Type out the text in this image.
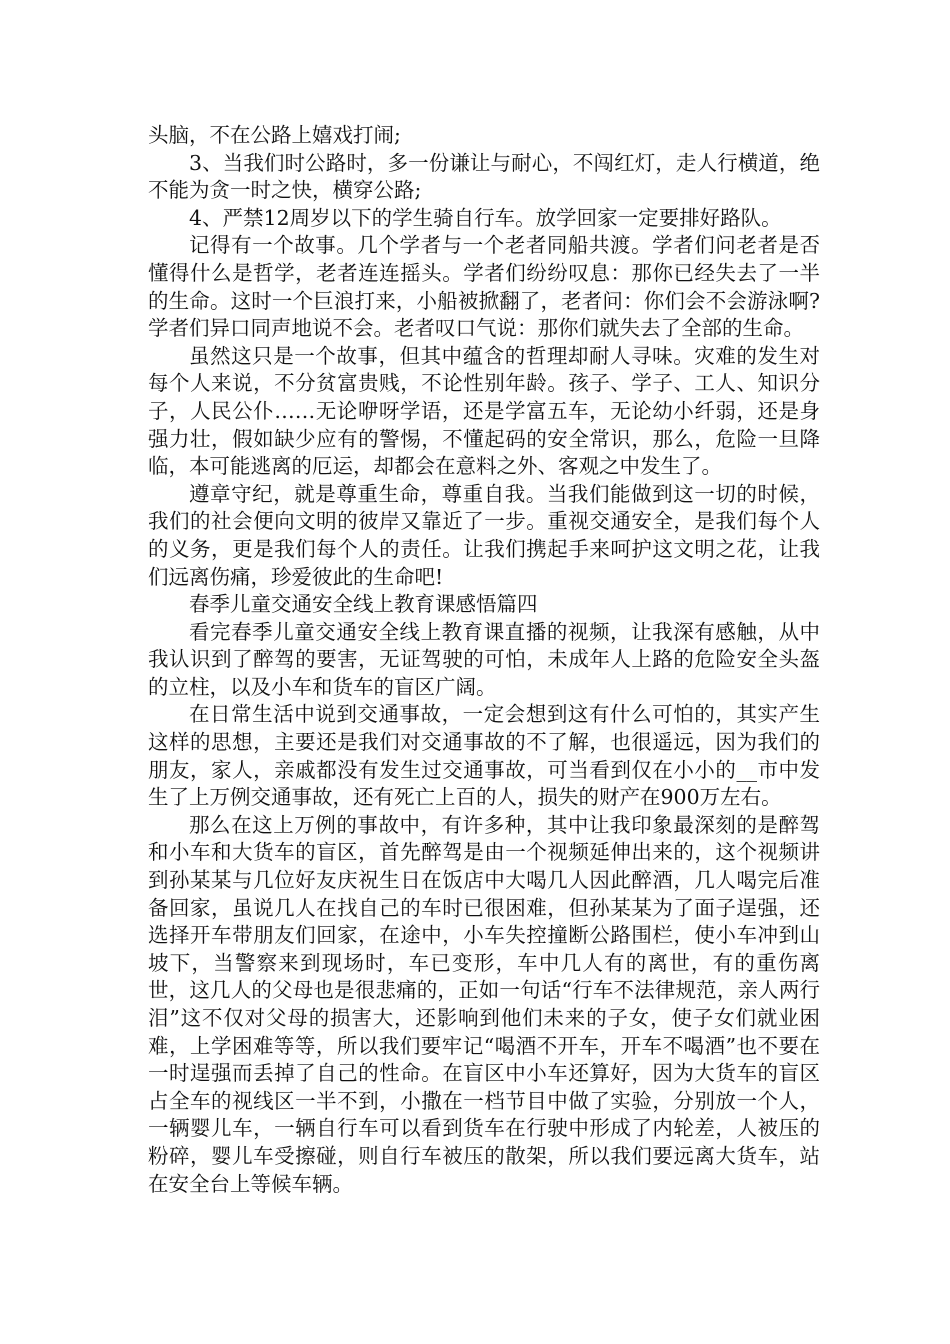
头脑，不在公路上嬉戏打闹;

3、当我们时公路时，多一份谦让与耐心，不闯红灯，走人行横道，绝不能为贪一时之快，横穿公路;

4、严禁12周岁以下的学生骑自行车。放学回家一定要排好路队。

记得有一个故事。几个学者与一个老者同船共渡。学者们问老者是否懂得什么是哲学，老者连连摇头。学者们纷纷叹息：那你已经失去了一半的生命。这时一个巨浪打来，小船被掀翻了，老者问：你们会不会游泳啊?学者们异口同声地说不会。老者叹口气说：那你们就失去了全部的生命。

虽然这只是一个故事，但其中蕴含的哲理却耐人寻味。灾难的发生对每个人来说，不分贫富贵贱，不论性别年龄。孩子、学子、工人、知识分子，人民公仆……无论咿呀学语，还是学富五车，无论幼小纤弱，还是身强力壮，假如缺少应有的警惕，不懂起码的安全常识，那么，危险一旦降临，本可能逃离的厄运，却都会在意料之外、客观之中发生了。

遵章守纪，就是尊重生命，尊重自我。当我们能做到这一切的时候，我们的社会便向文明的彼岸又靠近了一步。重视交通安全，是我们每个人的义务，更是我们每个人的责任。让我们携起手来呵护这文明之花，让我们远离伤痛，珍爱彼此的生命吧!

春季儿童交通安全线上教育课感悟篇四

看完春季儿童交通安全线上教育课直播的视频，让我深有感触，从中我认识到了醉驾的要害，无证驾驶的可怕，未成年人上路的危险安全头盔的立柱，以及小车和货车的盲区广阔。

在日常生活中说到交通事故，一定会想到这有什么可怕的，其实产生这样的思想，主要还是我们对交通事故的不了解，也很遥远，因为我们的朋友，家人，亲戚都没有发生过交通事故，可当看到仅在小小的__市中发生了上万例交通事故，还有死亡上百的人，损失的财产在900万左右。

那么在这上万例的事故中，有许多种，其中让我印象最深刻的是醉驾和小车和大货车的盲区，首先醉驾是由一个视频延伸出来的，这个视频讲到孙某某与几位好友庆祝生日在饭店中大喝几人因此醉酒，几人喝完后准备回家，虽说几人在找自己的车时已很困难，但孙某某为了面子逞强，还选择开车带朋友们回家，在途中，小车失控撞断公路围栏，使小车冲到山坡下，当警察来到现场时，车已变形，车中几人有的离世，有的重伤离世，这几人的父母也是很悲痛的，正如一句话“行车不法律规范，亲人两行泪”这不仅对父母的损害大，还影响到他们未来的子女，使子女们就业困难，上学困难等等，所以我们要牢记“喝酒不开车，开车不喝酒”也不要在一时逞强而丢掉了自己的性命。在盲区中小车还算好，因为大货车的盲区占全车的视线区一半不到，小撒在一档节目中做了实验，分别放一个人，一辆婴儿车，一辆自行车可以看到货车在行驶中形成了内轮差，人被压的粉碎，婴儿车受擦碰，则自行车被压的散架，所以我们要远离大货车，站在安全台上等候车辆。
